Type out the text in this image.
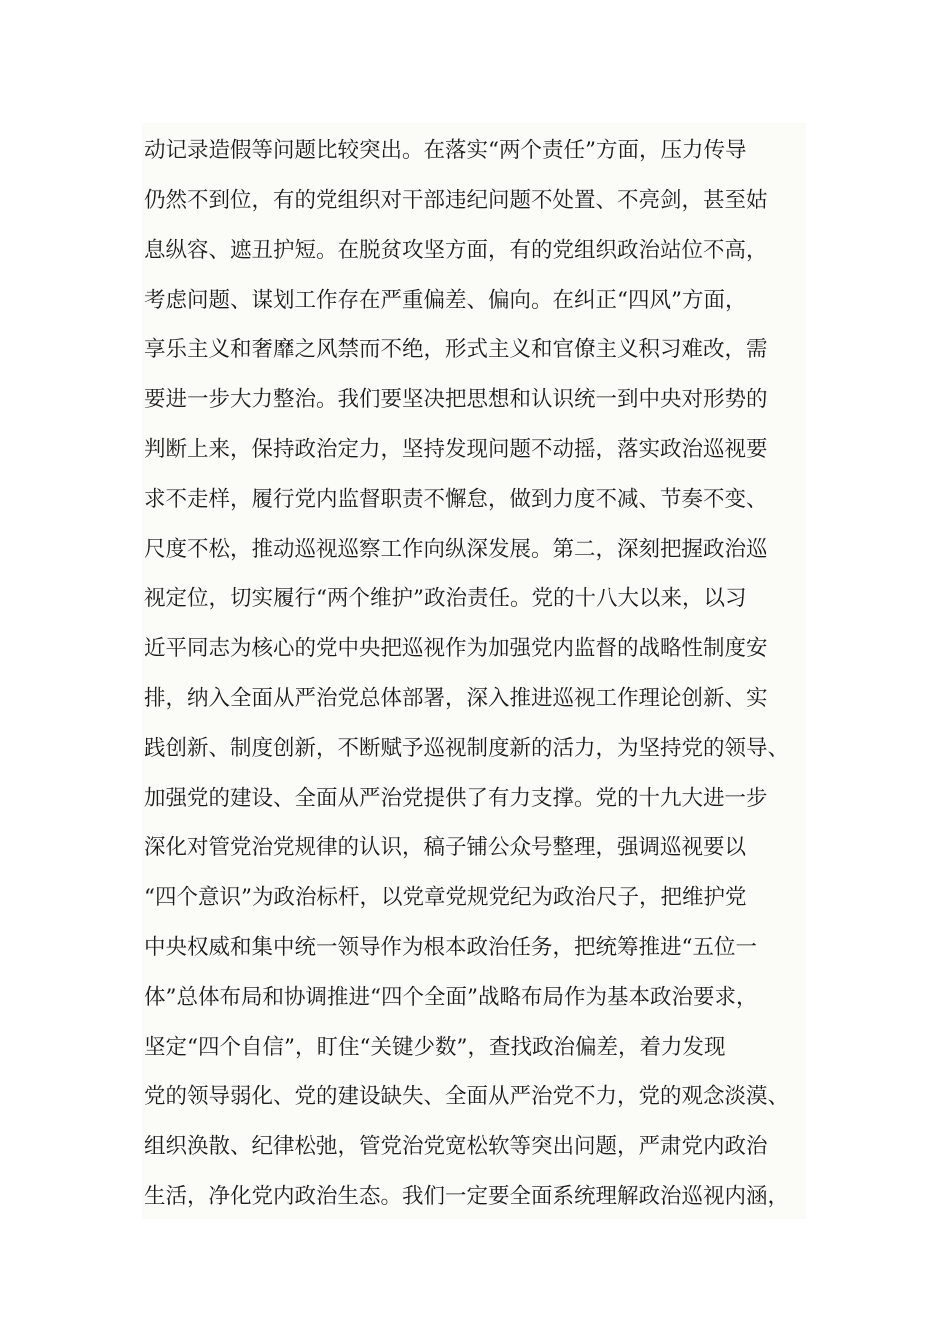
动记录造假等问题比较突出。在落实“两个责任”方面，压力传导
仍然不到位，有的党组织对干部违纪问题不处置、不亮剑，甚至姑
息纵容、遮丑护短。在脱贫攻坚方面，有的党组织政治站位不高，
考虑问题、谋划工作存在严重偏差、偏向。在纠正“四风”方面，
享乐主义和奢靡之风禁而不绝，形式主义和官僚主义积习难改，需
要进一步大力整治。我们要坚决把思想和认识统一到中央对形势的
判断上来，保持政治定力，坚持发现问题不动摇，落实政治巡视要
求不走样，履行党内监督职责不懈怠，做到力度不减、节奏不变、
尺度不松，推动巡视巡察工作向纵深发展。第二，深刻把握政治巡
视定位，切实履行“两个维护”政治责任。党的十八大以来，以习
近平同志为核心的党中央把巡视作为加强党内监督的战略性制度安
排，纳入全面从严治党总体部署，深入推进巡视工作理论创新、实
践创新、制度创新，不断赋予巡视制度新的活力，为坚持党的领导、
加强党的建设、全面从严治党提供了有力支撑。党的十九大进一步
深化对管党治党规律的认识，稿子铺公众号整理，强调巡视要以
“四个意识”为政治标杆，以党章党规党纪为政治尺子，把维护党
中央权威和集中统一领导作为根本政治任务，把统筹推进“五位一
体”总体布局和协调推进“四个全面”战略布局作为基本政治要求，
坚定“四个自信”，盯住“关键少数”，查找政治偏差，着力发现
党的领导弱化、党的建设缺失、全面从严治党不力，党的观念淡漠、
组织涣散、纪律松弛，管党治党宽松软等突出问题，严肃党内政治
生活，净化党内政治生态。我们一定要全面系统理解政治巡视内涵，
